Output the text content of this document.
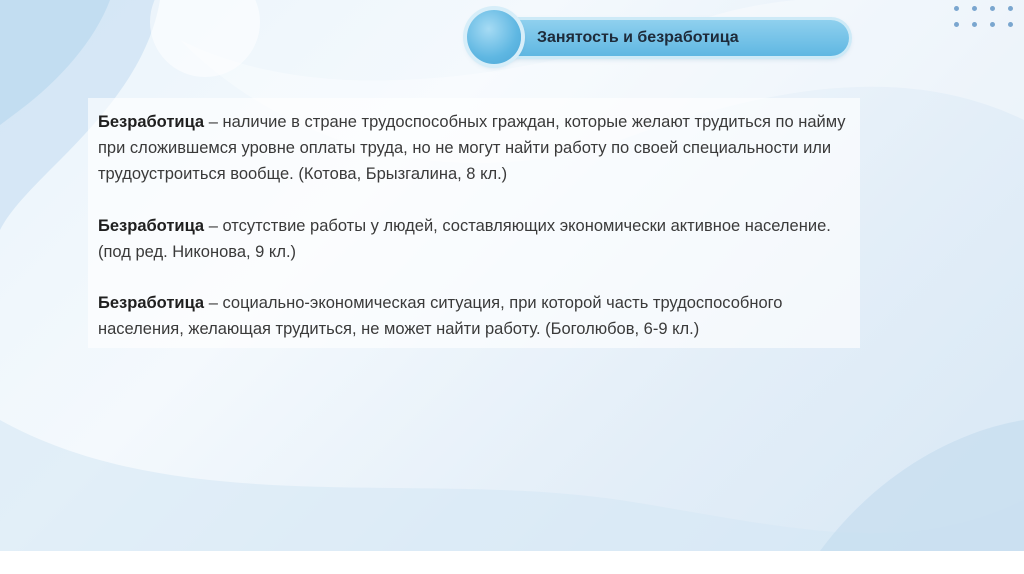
Занятость и безработица

Безработица – наличие в стране трудоспособных граждан, которые желают трудиться по найму при сложившемся уровне оплаты труда, но не могут найти работу по своей специальности или трудоустроиться вообще. (Котова, Брызгалина, 8 кл.)

Безработица – отсутствие работы у людей, составляющих экономически активное население. (под ред. Никонова, 9 кл.)

Безработица – социально-экономическая ситуация, при которой часть трудоспособного населения, желающая трудиться, не может найти работу. (Боголюбов, 6-9 кл.)
